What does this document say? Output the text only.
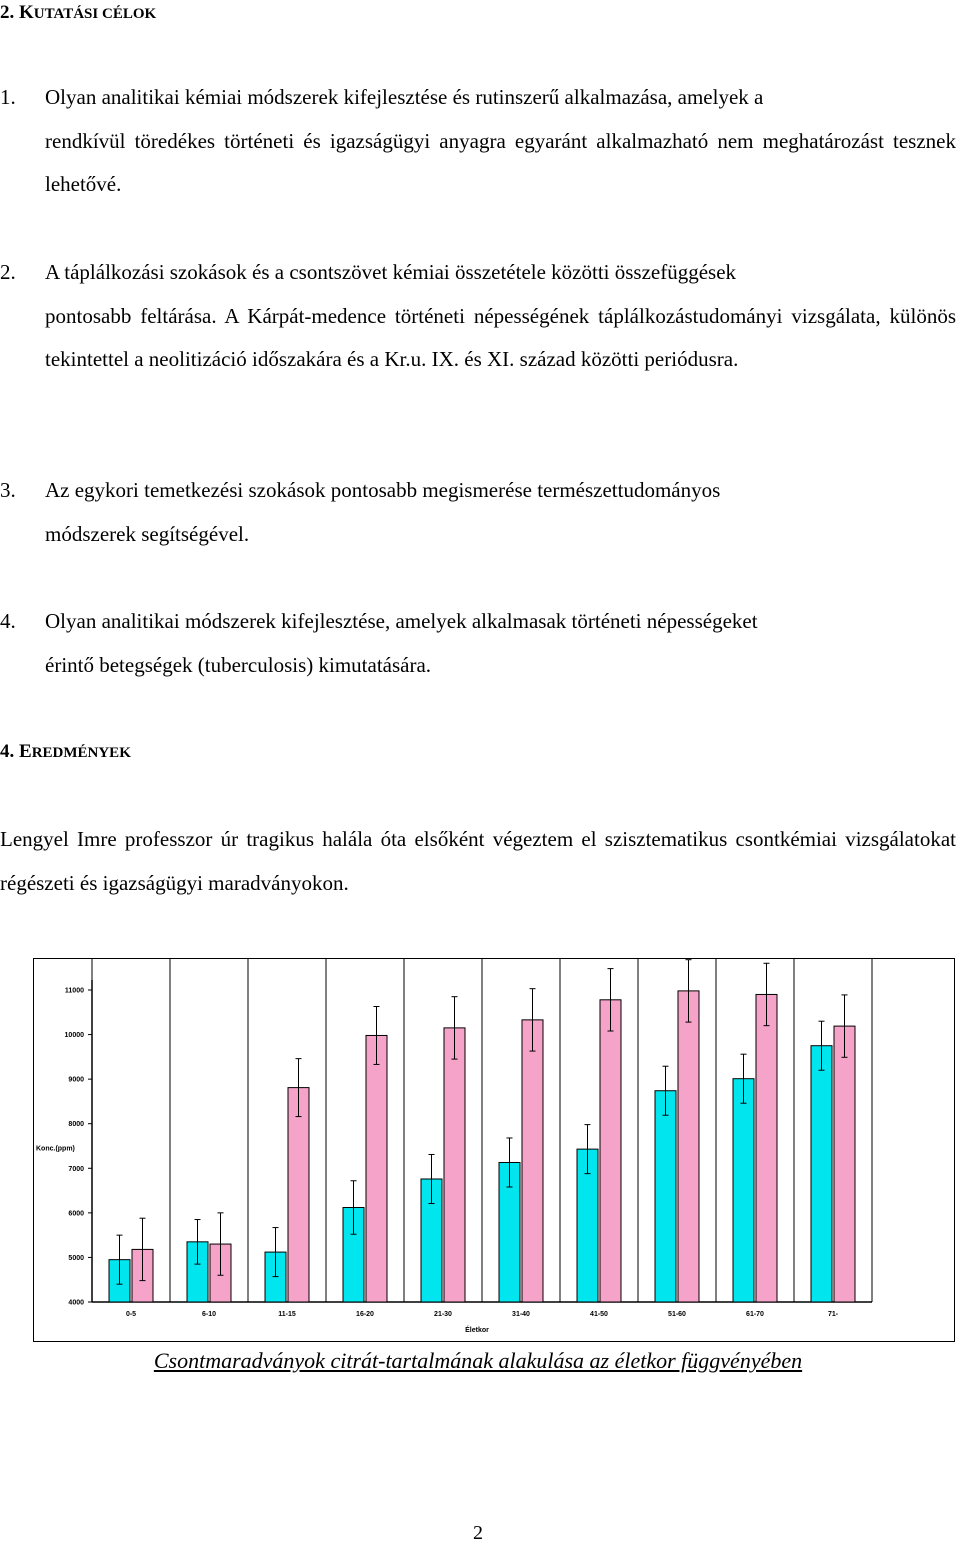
2. KUTATÁSI CÉLOK
1. Olyan analitikai kémiai módszerek kifejlesztése és rutinszerű alkalmazása, amelyek a
rendkívül töredékes történeti és igazságügyi anyagra egyaránt alkalmazható nem meghatározást tesznek lehetővé.
2. A táplálkozási szokások és a csontszövet kémiai összetétele közötti összefüggések
pontosabb feltárása. A Kárpát-medence történeti népességének táplálkozástudományi vizsgálata, különös tekintettel a neolitizáció időszakára és a Kr.u. IX. és XI. század közötti periódusra.
3. Az egykori temetkezési szokások pontosabb megismerése természettudományos
módszerek segítségével.
4. Olyan analitikai módszerek kifejlesztése, amelyek alkalmasak történeti népességeket
érintő betegségek (tuberculosis) kimutatására.
4. EREDMÉNYEK

Lengyel Imre professzor úr tragikus halála óta elsőként végeztem el szisztematikus csontkémiai vizsgálatokat régészeti és igazságügyi maradványokon.

4000
5000
6000
7000
8000
9000
10000
11000
Konc.(ppm)
0-5	6-10	11-15	16-20	21-30	31-40	41-50	51-60	61-70	71-
Életkor

Csontmaradványok citrát-tartalmának alakulása az életkor függvényében

2
